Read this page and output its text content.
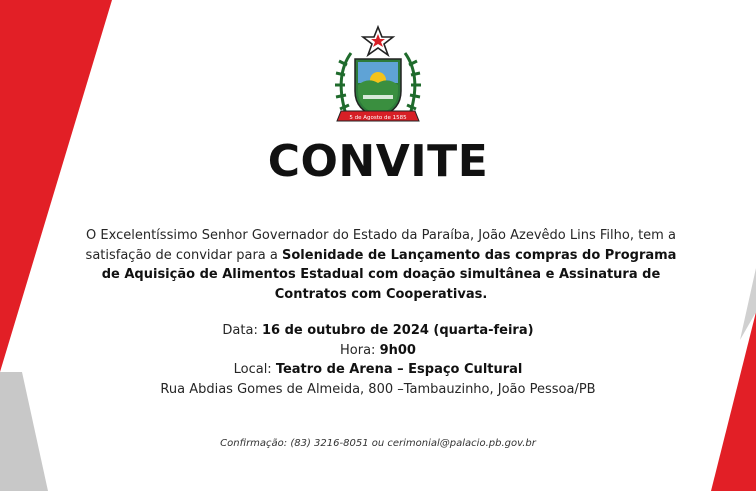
5 de Agosto de 1585
CONVITE
O Excelentíssimo Senhor Governador do Estado da Paraíba, João Azevêdo Lins Filho, tem a satisfação de convidar para a Solenidade de Lançamento das compras do Programa de Aquisição de Alimentos Estadual com doação simultânea e Assinatura de Contratos com Cooperativas.
Data: 16 de outubro de 2024 (quarta-feira)
Hora: 9h00
Local: Teatro de Arena – Espaço Cultural
Rua Abdias Gomes de Almeida, 800 –Tambauzinho, João Pessoa/PB
Confirmação: (83) 3216-8051 ou cerimonial@palacio.pb.gov.br
